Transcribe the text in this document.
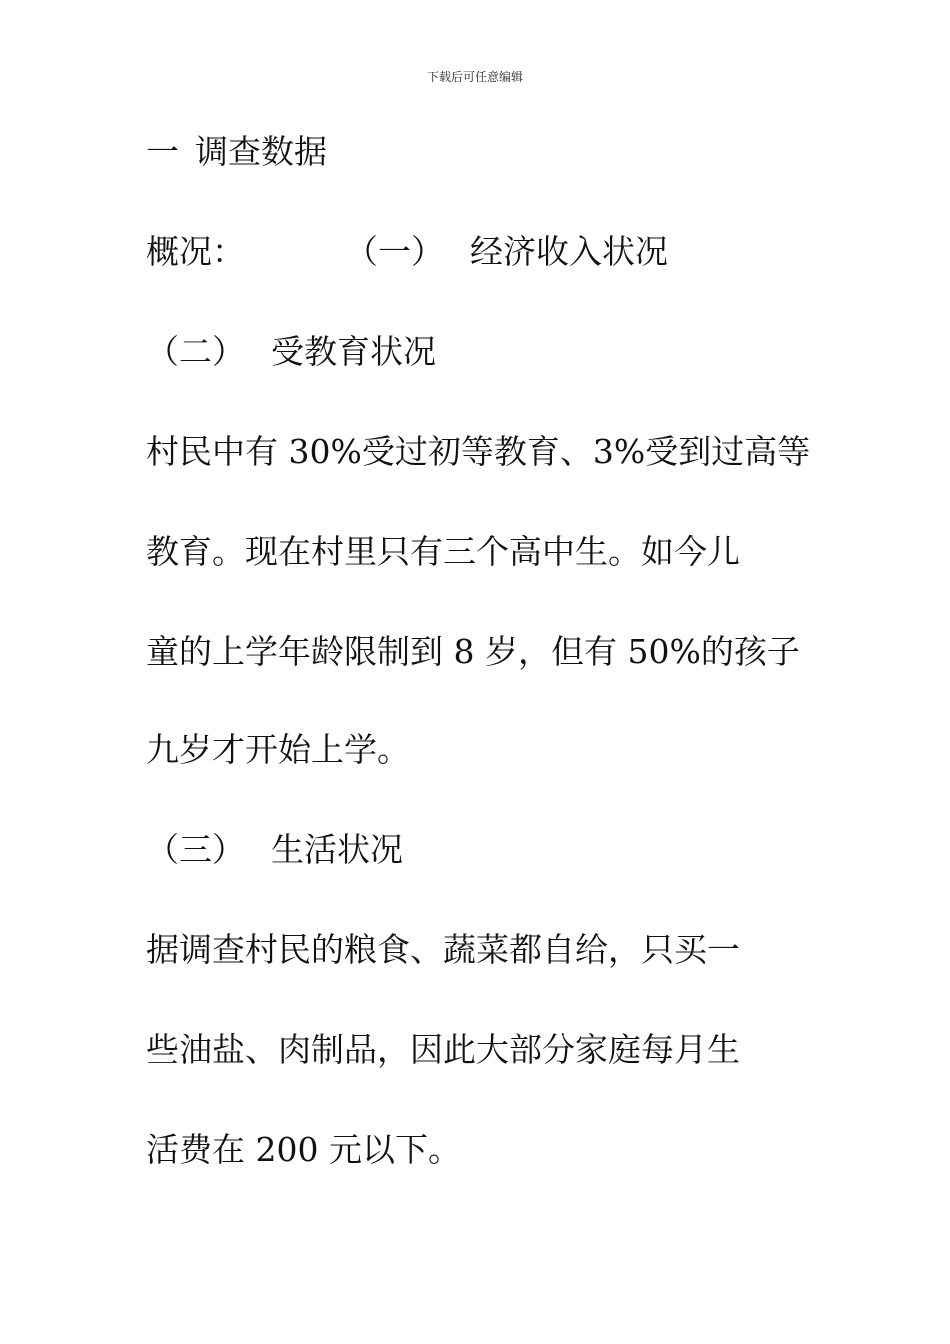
下载后可任意编辑
一 调查数据
概况：	（一） 经济收入状况
（二） 受教育状况
村民中有 30%受过初等教育、3%受到过高等
教育。现在村里只有三个高中生。如今儿
童的上学年龄限制到 8 岁，但有 50%的孩子
九岁才开始上学。
（三） 生活状况
据调查村民的粮食、蔬菜都自给，只买一
些油盐、肉制品，因此大部分家庭每月生
活费在 200 元以下。
